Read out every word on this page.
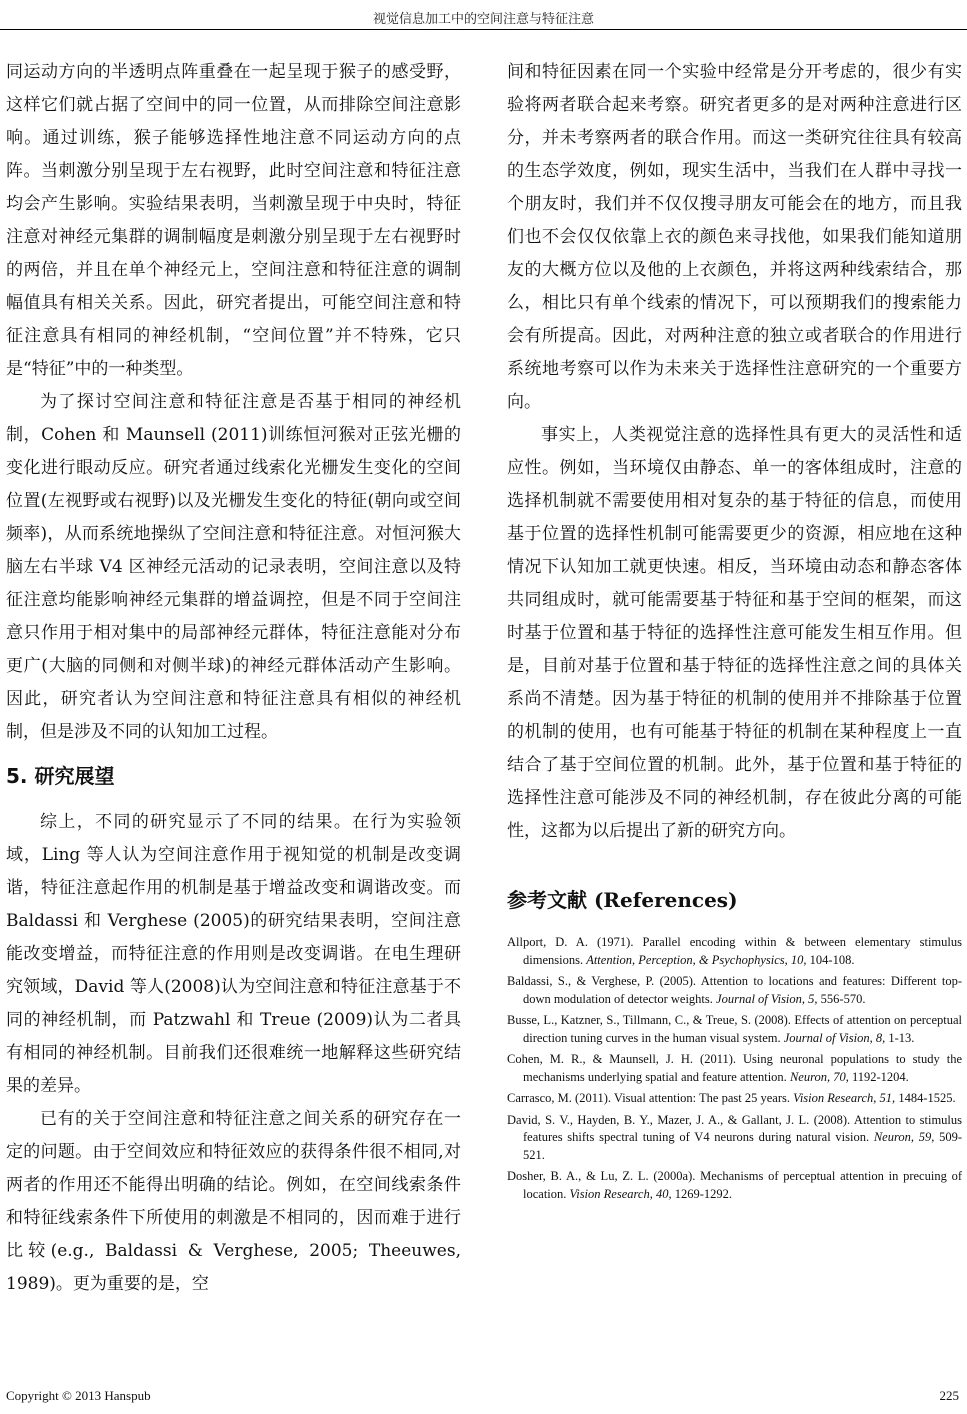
视觉信息加工中的空间注意与特征注意

同运动方向的半透明点阵重叠在一起呈现于猴子的感受野，这样它们就占据了空间中的同一位置，从而排除空间注意影响。通过训练，猴子能够选择性地注意不同运动方向的点阵。当刺激分别呈现于左右视野，此时空间注意和特征注意均会产生影响。实验结果表明，当刺激呈现于中央时，特征注意对神经元集群的调制幅度是刺激分别呈现于左右视野时的两倍，并且在单个神经元上，空间注意和特征注意的调制幅值具有相关关系。因此，研究者提出，可能空间注意和特征注意具有相同的神经机制，“空间位置”并不特殊，它只是“特征”中的一种类型。

为了探讨空间注意和特征注意是否基于相同的神经机制，Cohen 和 Maunsell (2011)训练恒河猴对正弦光栅的变化进行眼动反应。研究者通过线索化光栅发生变化的空间位置(左视野或右视野)以及光栅发生变化的特征(朝向或空间频率)，从而系统地操纵了空间注意和特征注意。对恒河猴大脑左右半球 V4 区神经元活动的记录表明，空间注意以及特征注意均能影响神经元集群的增益调控，但是不同于空间注意只作用于相对集中的局部神经元群体，特征注意能对分布更广(大脑的同侧和对侧半球)的神经元群体活动产生影响。因此，研究者认为空间注意和特征注意具有相似的神经机制，但是涉及不同的认知加工过程。

5. 研究展望

综上，不同的研究显示了不同的结果。在行为实验领域，Ling 等人认为空间注意作用于视知觉的机制是改变调谐，特征注意起作用的机制是基于增益改变和调谐改变。而 Baldassi 和 Verghese (2005)的研究结果表明，空间注意能改变增益，而特征注意的作用则是改变调谐。在电生理研究领域，David 等人(2008)认为空间注意和特征注意基于不同的神经机制，而 Patzwahl 和 Treue (2009)认为二者具有相同的神经机制。目前我们还很难统一地解释这些研究结果的差异。

已有的关于空间注意和特征注意之间关系的研究存在一定的问题。由于空间效应和特征效应的获得条件很不相同,对两者的作用还不能得出明确的结论。例如，在空间线索条件和特征线索条件下所使用的刺激是不相同的，因而难于进行比较(e.g., Baldassi & Verghese, 2005; Theeuwes, 1989)。更为重要的是，空

间和特征因素在同一个实验中经常是分开考虑的，很少有实验将两者联合起来考察。研究者更多的是对两种注意进行区分，并未考察两者的联合作用。而这一类研究往往具有较高的生态学效度，例如，现实生活中，当我们在人群中寻找一个朋友时，我们并不仅仅搜寻朋友可能会在的地方，而且我们也不会仅仅依靠上衣的颜色来寻找他，如果我们能知道朋友的大概方位以及他的上衣颜色，并将这两种线索结合，那么，相比只有单个线索的情况下，可以预期我们的搜索能力会有所提高。因此，对两种注意的独立或者联合的作用进行系统地考察可以作为未来关于选择性注意研究的一个重要方向。

事实上，人类视觉注意的选择性具有更大的灵活性和适应性。例如，当环境仅由静态、单一的客体组成时，注意的选择机制就不需要使用相对复杂的基于特征的信息，而使用基于位置的选择性机制可能需要更少的资源，相应地在这种情况下认知加工就更快速。相反，当环境由动态和静态客体共同组成时，就可能需要基于特征和基于空间的框架，而这时基于位置和基于特征的选择性注意可能发生相互作用。但是，目前对基于位置和基于特征的选择性注意之间的具体关系尚不清楚。因为基于特征的机制的使用并不排除基于位置的机制的使用，也有可能基于特征的机制在某种程度上一直结合了基于空间位置的机制。此外，基于位置和基于特征的选择性注意可能涉及不同的神经机制，存在彼此分离的可能性，这都为以后提出了新的研究方向。

参考文献 (References)
Allport, D. A. (1971). Parallel encoding within & between elementary stimulus dimensions. Attention, Perception, & Psychophysics, 10, 104-108.
Baldassi, S., & Verghese, P. (2005). Attention to locations and features: Different top-down modulation of detector weights. Journal of Vision, 5, 556-570.
Busse, L., Katzner, S., Tillmann, C., & Treue, S. (2008). Effects of attention on perceptual direction tuning curves in the human visual system. Journal of Vision, 8, 1-13.
Cohen, M. R., & Maunsell, J. H. (2011). Using neuronal populations to study the mechanisms underlying spatial and feature attention. Neuron, 70, 1192-1204.
Carrasco, M. (2011). Visual attention: The past 25 years. Vision Research, 51, 1484-1525.
David, S. V., Hayden, B. Y., Mazer, J. A., & Gallant, J. L. (2008). Attention to stimulus features shifts spectral tuning of V4 neurons during natural vision. Neuron, 59, 509-521.
Dosher, B. A., & Lu, Z. L. (2000a). Mechanisms of perceptual attention in precuing of location. Vision Research, 40, 1269-1292.
Copyright © 2013 Hanspub	225
